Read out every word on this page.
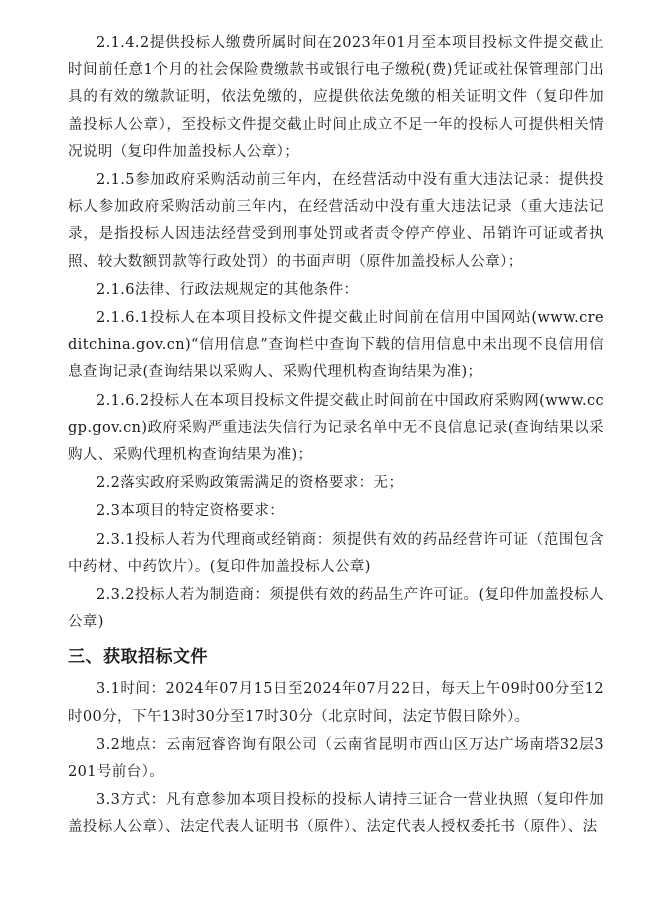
2.1.4.2提供投标人缴费所属时间在2023年01月至本项目投标文件提交截止时间前任意1个月的社会保险费缴款书或银行电子缴税(费)凭证或社保管理部门出具的有效的缴款证明，依法免缴的，应提供依法免缴的相关证明文件（复印件加盖投标人公章），至投标文件提交截止时间止成立不足一年的投标人可提供相关情况说明（复印件加盖投标人公章）；

2.1.5参加政府采购活动前三年内，在经营活动中没有重大违法记录：提供投标人参加政府采购活动前三年内，在经营活动中没有重大违法记录（重大违法记录，是指投标人因违法经营受到刑事处罚或者责令停产停业、吊销许可证或者执照、较大数额罚款等行政处罚）的书面声明（原件加盖投标人公章）；

2.1.6法律、行政法规规定的其他条件：

2.1.6.1投标人在本项目投标文件提交截止时间前在信用中国网站(www.creditchina.gov.cn)“信用信息”查询栏中查询下载的信用信息中未出现不良信用信息查询记录(查询结果以采购人、采购代理机构查询结果为准)；

2.1.6.2投标人在本项目投标文件提交截止时间前在中国政府采购网(www.ccgp.gov.cn)政府采购严重违法失信行为记录名单中无不良信息记录(查询结果以采购人、采购代理机构查询结果为准)；

2.2落实政府采购政策需满足的资格要求：无；

2.3本项目的特定资格要求：

2.3.1投标人若为代理商或经销商：须提供有效的药品经营许可证（范围包含中药材、中药饮片）。(复印件加盖投标人公章)

2.3.2投标人若为制造商：须提供有效的药品生产许可证。(复印件加盖投标人公章)

三、获取招标文件

3.1时间：2024年07月15日至2024年07月22日，每天上午09时00分至12时00分，下午13时30分至17时30分（北京时间，法定节假日除外）。

3.2地点：云南冠睿咨询有限公司（云南省昆明市西山区万达广场南塔32层3201号前台）。

3.3方式：凡有意参加本项目投标的投标人请持三证合一营业执照（复印件加盖投标人公章）、法定代表人证明书（原件）、法定代表人授权委托书（原件）、法
